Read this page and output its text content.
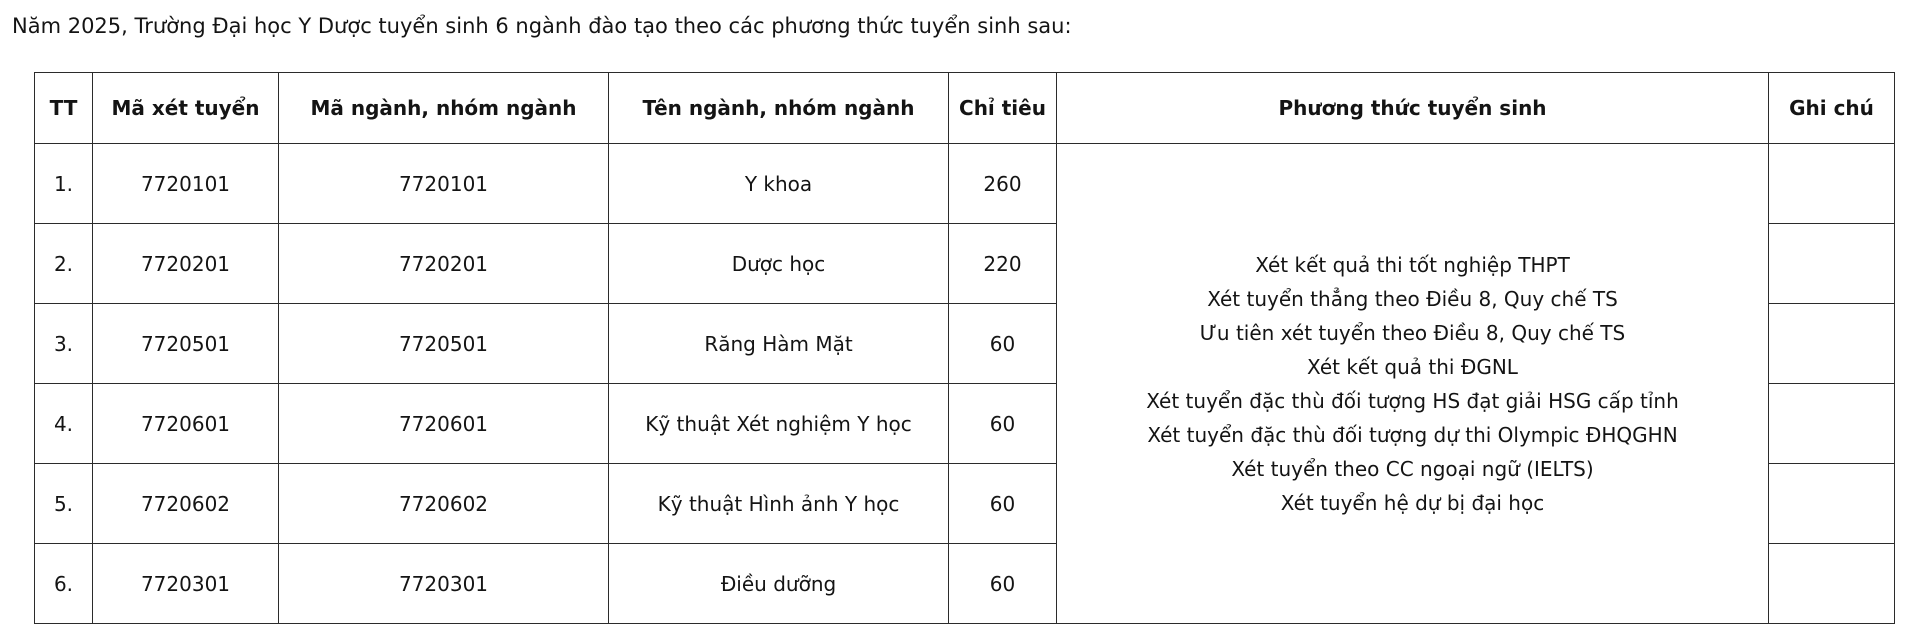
Năm 2025, Trường Đại học Y Dược tuyển sinh 6 ngành đào tạo theo các phương thức tuyển sinh sau:
TT	Mã xét tuyển	Mã ngành, nhóm ngành	Tên ngành, nhóm ngành	Chỉ tiêu	Phương thức tuyển sinh	Ghi chú
1.	7720101	7720101	Y khoa	260	
Xét kết quả thi tốt nghiệp THPT
Xét tuyển thẳng theo Điều 8, Quy chế TS
Ưu tiên xét tuyển theo Điều 8, Quy chế TS
Xét kết quả thi ĐGNL
Xét tuyển đặc thù đối tượng HS đạt giải HSG cấp tỉnh
Xét tuyển đặc thù đối tượng dự thi Olympic ĐHQGHN
Xét tuyển theo CC ngoại ngữ (IELTS)
Xét tuyển hệ dự bị đại học

2.	7720201	7720201	Dược học	220		
3.	7720501	7720501	Răng Hàm Mặt	60		
4.	7720601	7720601	Kỹ thuật Xét nghiệm Y học	60		
5.	7720602	7720602	Kỹ thuật Hình ảnh Y học	60		
6.	7720301	7720301	Điều dưỡng	60		
